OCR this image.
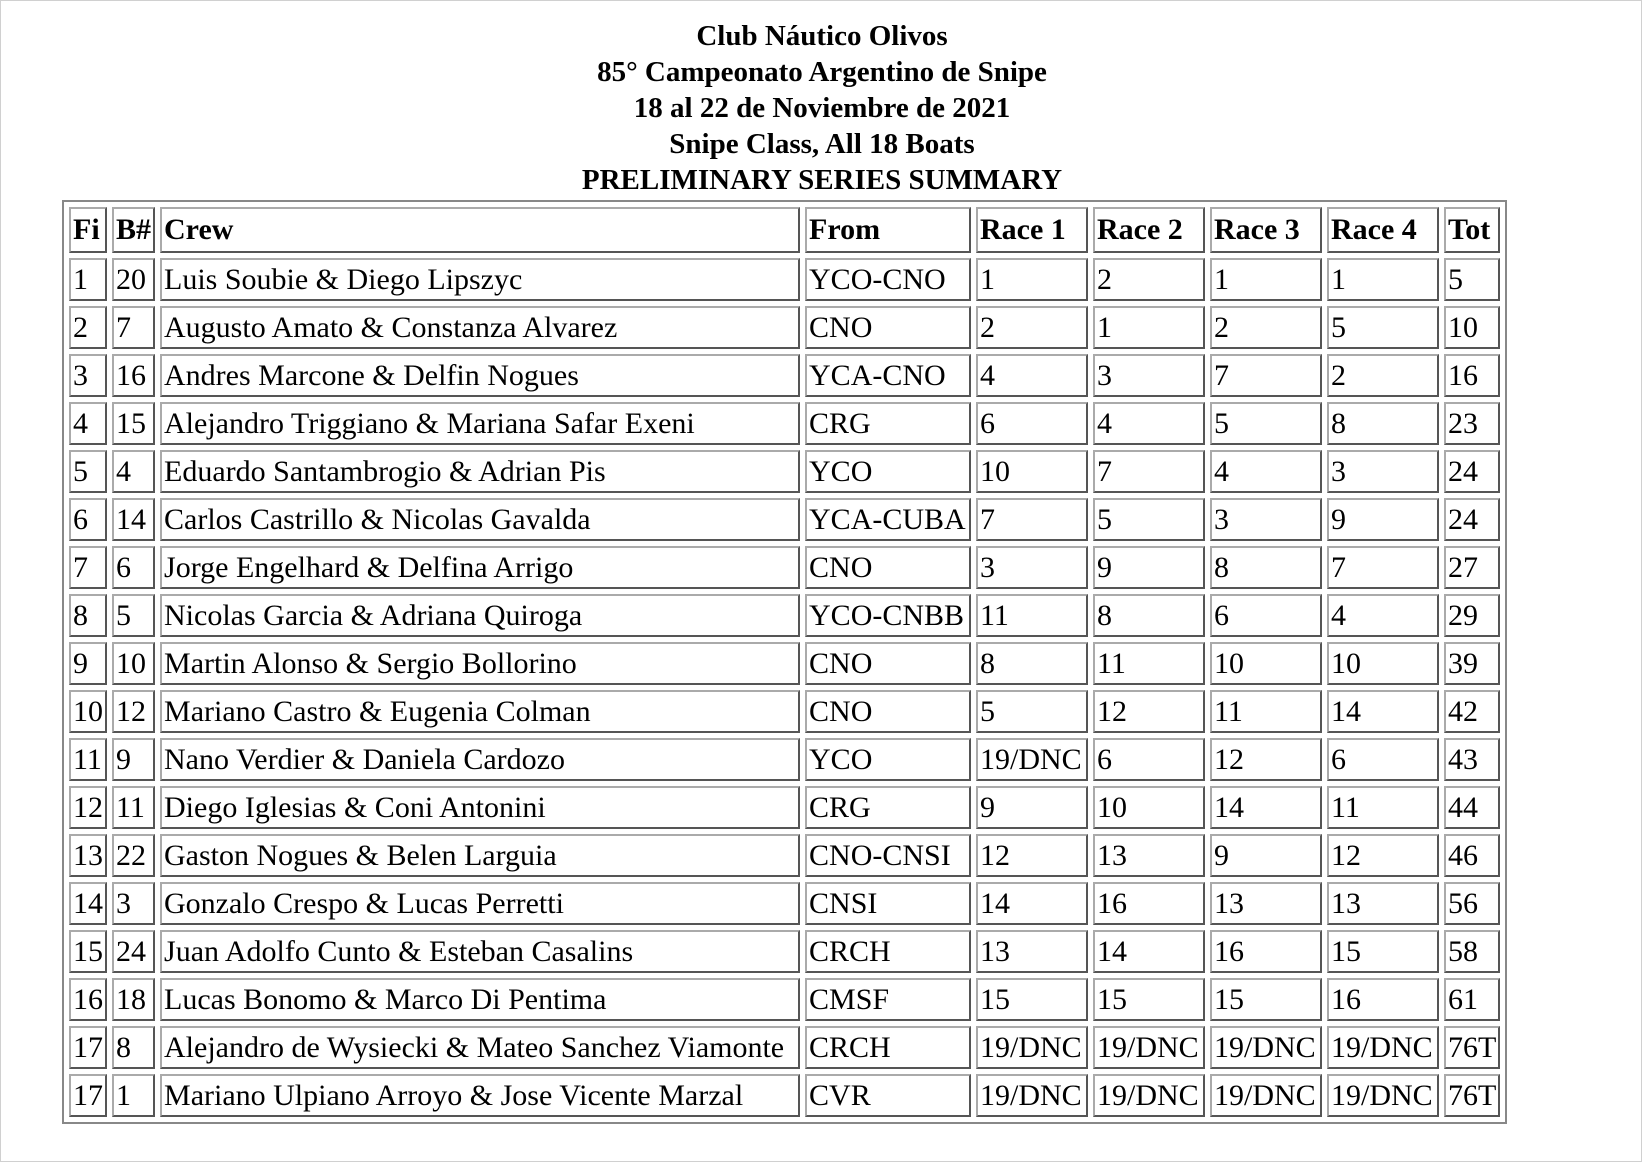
Club Náutico Olivos
85° Campeonato Argentino de Snipe
18 al 22 de Noviembre de 2021
Snipe Class, All 18 Boats
PRELIMINARY SERIES SUMMARY
Fi	B#	Crew	From	Race 1	Race 2	Race 3	Race 4	Tot
1	20	Luis Soubie & Diego Lipszyc	YCO-CNO	1	2	1	1	5
2	7	Augusto Amato & Constanza Alvarez	CNO	2	1	2	5	10
3	16	Andres Marcone & Delfin Nogues	YCA-CNO	4	3	7	2	16
4	15	Alejandro Triggiano & Mariana Safar Exeni	CRG	6	4	5	8	23
5	4	Eduardo Santambrogio & Adrian Pis	YCO	10	7	4	3	24
6	14	Carlos Castrillo & Nicolas Gavalda	YCA-CUBA	7	5	3	9	24
7	6	Jorge Engelhard & Delfina Arrigo	CNO	3	9	8	7	27
8	5	Nicolas Garcia & Adriana Quiroga	YCO-CNBB	11	8	6	4	29
9	10	Martin Alonso & Sergio Bollorino	CNO	8	11	10	10	39
10	12	Mariano Castro & Eugenia Colman	CNO	5	12	11	14	42
11	9	Nano Verdier & Daniela Cardozo	YCO	19/DNC	6	12	6	43
12	11	Diego Iglesias & Coni Antonini	CRG	9	10	14	11	44
13	22	Gaston Nogues & Belen Larguia	CNO-CNSI	12	13	9	12	46
14	3	Gonzalo Crespo & Lucas Perretti	CNSI	14	16	13	13	56
15	24	Juan Adolfo Cunto & Esteban Casalins	CRCH	13	14	16	15	58
16	18	Lucas Bonomo & Marco Di Pentima	CMSF	15	15	15	16	61
17	8	Alejandro de Wysiecki & Mateo Sanchez Viamonte	CRCH	19/DNC	19/DNC	19/DNC	19/DNC	76T
17	1	Mariano Ulpiano Arroyo & Jose Vicente Marzal	CVR	19/DNC	19/DNC	19/DNC	19/DNC	76T
